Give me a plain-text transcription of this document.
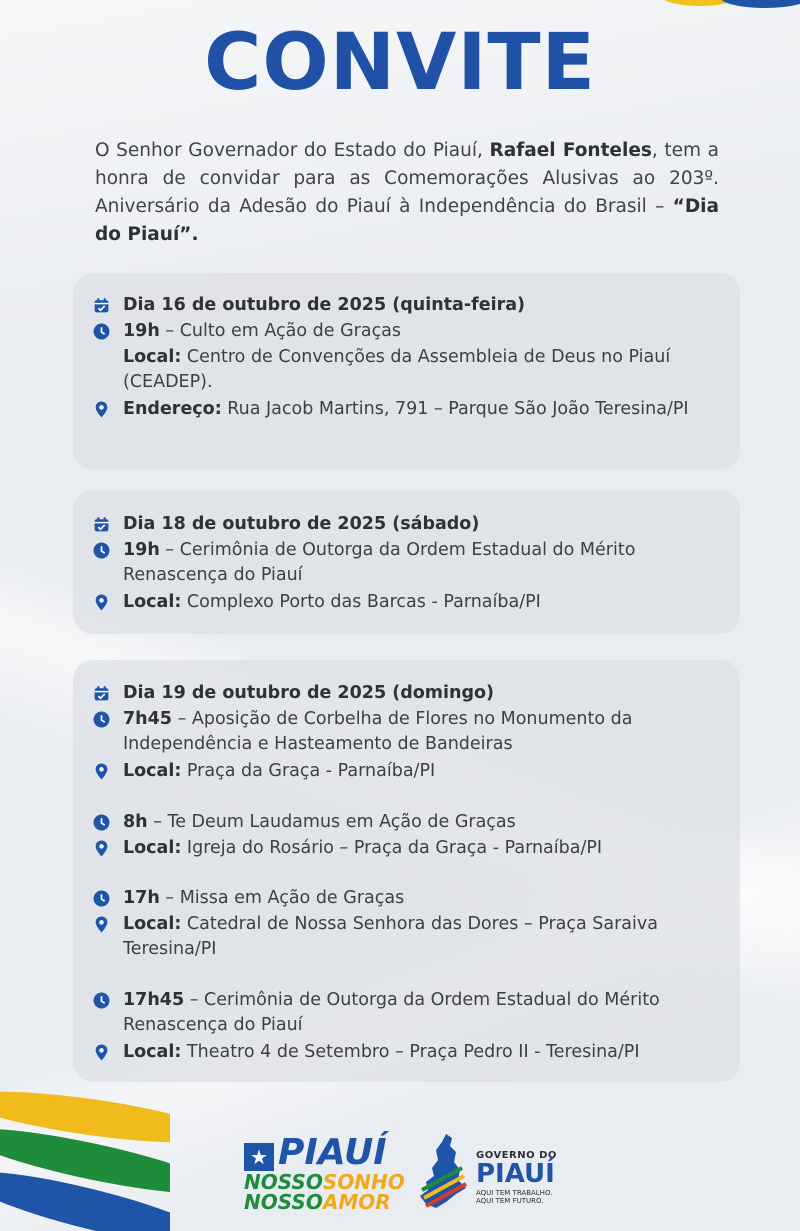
CONVITE

O Senhor Governador do Estado do Piauí, Rafael Fonteles, tem a honra de convidar para as Comemorações Alusivas ao 203º. Aniversário da Adesão do Piauí à Independência do Brasil – “Dia do Piauí”.

Dia 16 de outubro de 2025 (quinta-feira)
19h – Culto em Ação de Graças
Local: Centro de Convenções da Assembleia de Deus no Piauí (CEADEP).
Endereço: Rua Jacob Martins, 791 – Parque São João Teresina/PI
Dia 18 de outubro de 2025 (sábado)
19h – Cerimônia de Outorga da Ordem Estadual do Mérito Renascença do Piauí
Local: Complexo Porto das Barcas - Parnaíba/PI
Dia 19 de outubro de 2025 (domingo)
7h45 – Aposição de Corbelha de Flores no Monumento da Independência e Hasteamento de Bandeiras
Local: Praça da Graça - Parnaíba/PI
8h – Te Deum Laudamus em Ação de Graças
Local: Igreja do Rosário – Praça da Graça - Parnaíba/PI
17h – Missa em Ação de Graças
Local: Catedral de Nossa Senhora das Dores – Praça Saraiva Teresina/PI
17h45 – Cerimônia de Outorga da Ordem Estadual do Mérito Renascença do Piauí
Local: Theatro 4 de Setembro – Praça Pedro II - Teresina/PI
★ PIAUÍ
NOSSOSONHO
NOSSOAMOR
GOVERNO DO
PIAUÍ
AQUI TEM TRABALHO.
AQUI TEM FUTURO.
